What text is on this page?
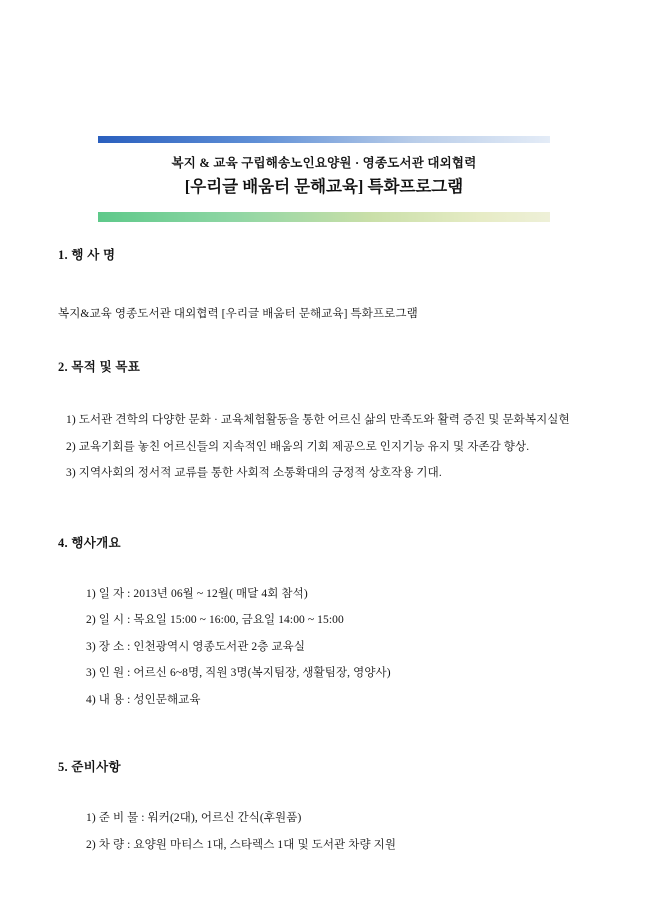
복지 & 교육 구립해송노인요양원 · 영종도서관 대외협력
[우리글 배움터 문해교육] 특화프로그램
1. 행 사 명
복지&교육 영종도서관 대외협력 [우리글 배움터 문해교육] 특화프로그램
2. 목적 및 목표
1) 도서관 견학의 다양한 문화 · 교육체험활동을 통한 어르신 삶의 만족도와 활력 증진 및 문화복지실현
2) 교육기회를 놓친 어르신들의 지속적인 배움의 기회 제공으로 인지기능 유지 및 자존감 향상.
3) 지역사회의 정서적 교류를 통한 사회적 소통확대의 긍정적 상호작용 기대.
4. 행사개요
1) 일 자 : 2013년 06월 ~ 12월( 매달 4회 참석)
2) 일 시 : 목요일 15:00 ~ 16:00, 금요일 14:00 ~ 15:00
3) 장 소 : 인천광역시 영종도서관 2층 교육실
3) 인 원 : 어르신 6~8명, 직원 3명(복지팀장, 생활팀장, 영양사)
4) 내 용 : 성인문해교육
5. 준비사항
1) 준 비 물 : 워커(2대), 어르신 간식(후원품)
2) 차 량 : 요양원 마티스 1대, 스타렉스 1대 및 도서관 차량 지원
